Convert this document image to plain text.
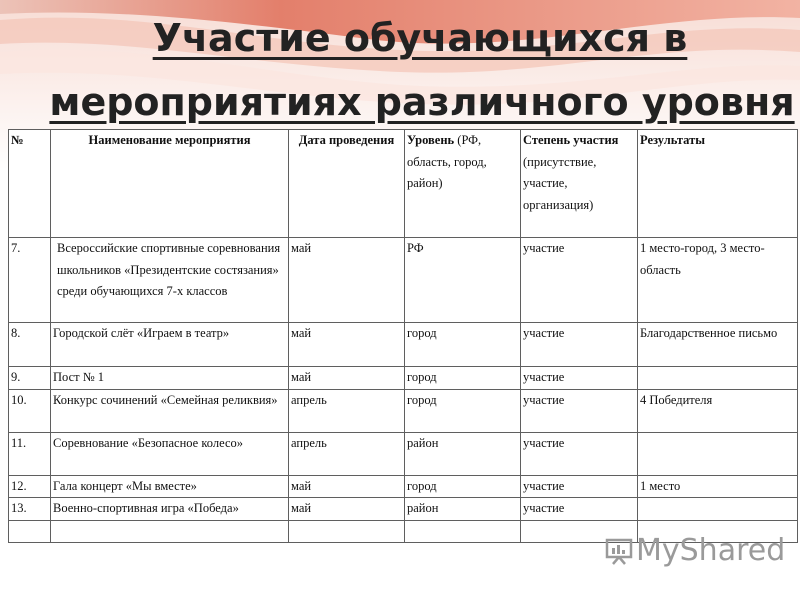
Участие обучающихся в
мероприятиях различного уровня
№	Наименование мероприятия	Дата проведения	Уровень (РФ, область, город, район)	Степень участия (присутствие, участие, организация)	Результаты
7.	Всероссийские спортивные соревнования школьников «Президентские состязания» среди обучающихся 7-х классов	май	РФ	участие	1 место-город, 3 место-область
8.	Городской слёт «Играем в театр»	май	город	участие	Благодарственное письмо
9.	Пост № 1	май	город	участие	
10.	Конкурс сочинений «Семейная реликвия»	апрель	город	участие	4 Победителя
11.	Соревнование «Безопасное колесо»	апрель	район	участие	
12.	Гала концерт «Мы вместе»	май	город	участие	1 место
13.	Военно-спортивная игра «Победа»	май	район	участие	

MyShared
